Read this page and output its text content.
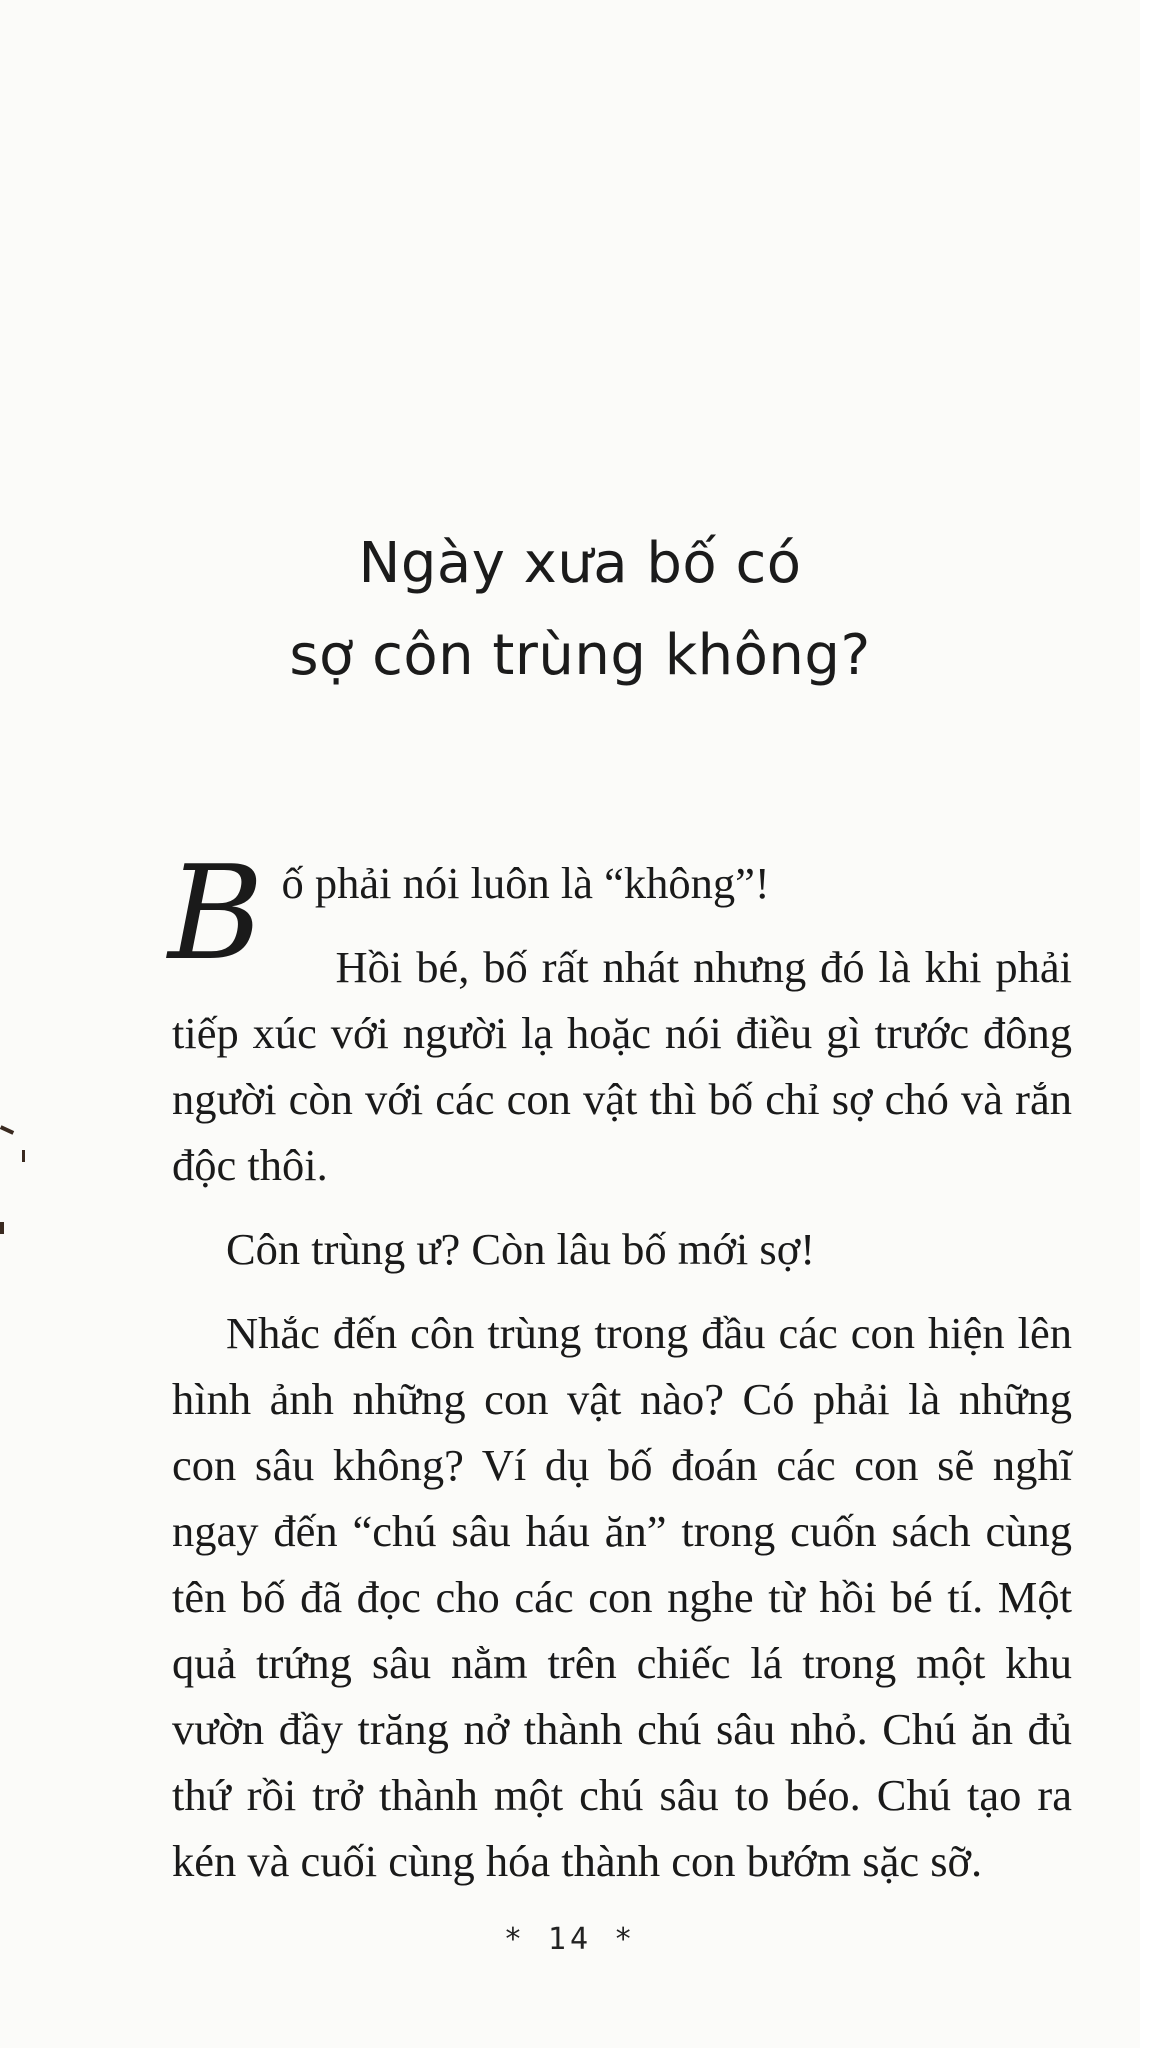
Ngày xưa bố có
sợ côn trùng không?

Bố phải nói luôn là “không”!

Hồi bé, bố rất nhát nhưng đó là khi phải tiếp xúc với người lạ hoặc nói điều gì trước đông người còn với các con vật thì bố chỉ sợ chó và rắn độc thôi.

Côn trùng ư? Còn lâu bố mới sợ!

Nhắc đến côn trùng trong đầu các con hiện lên hình ảnh những con vật nào? Có phải là những con sâu không? Ví dụ bố đoán các con sẽ nghĩ ngay đến “chú sâu háu ăn” trong cuốn sách cùng tên bố đã đọc cho các con nghe từ hồi bé tí. Một quả trứng sâu nằm trên chiếc lá trong một khu vườn đầy trăng nở thành chú sâu nhỏ. Chú ăn đủ thứ rồi trở thành một chú sâu to béo. Chú tạo ra kén và cuối cùng hóa thành con bướm sặc sỡ.

* 14 *
